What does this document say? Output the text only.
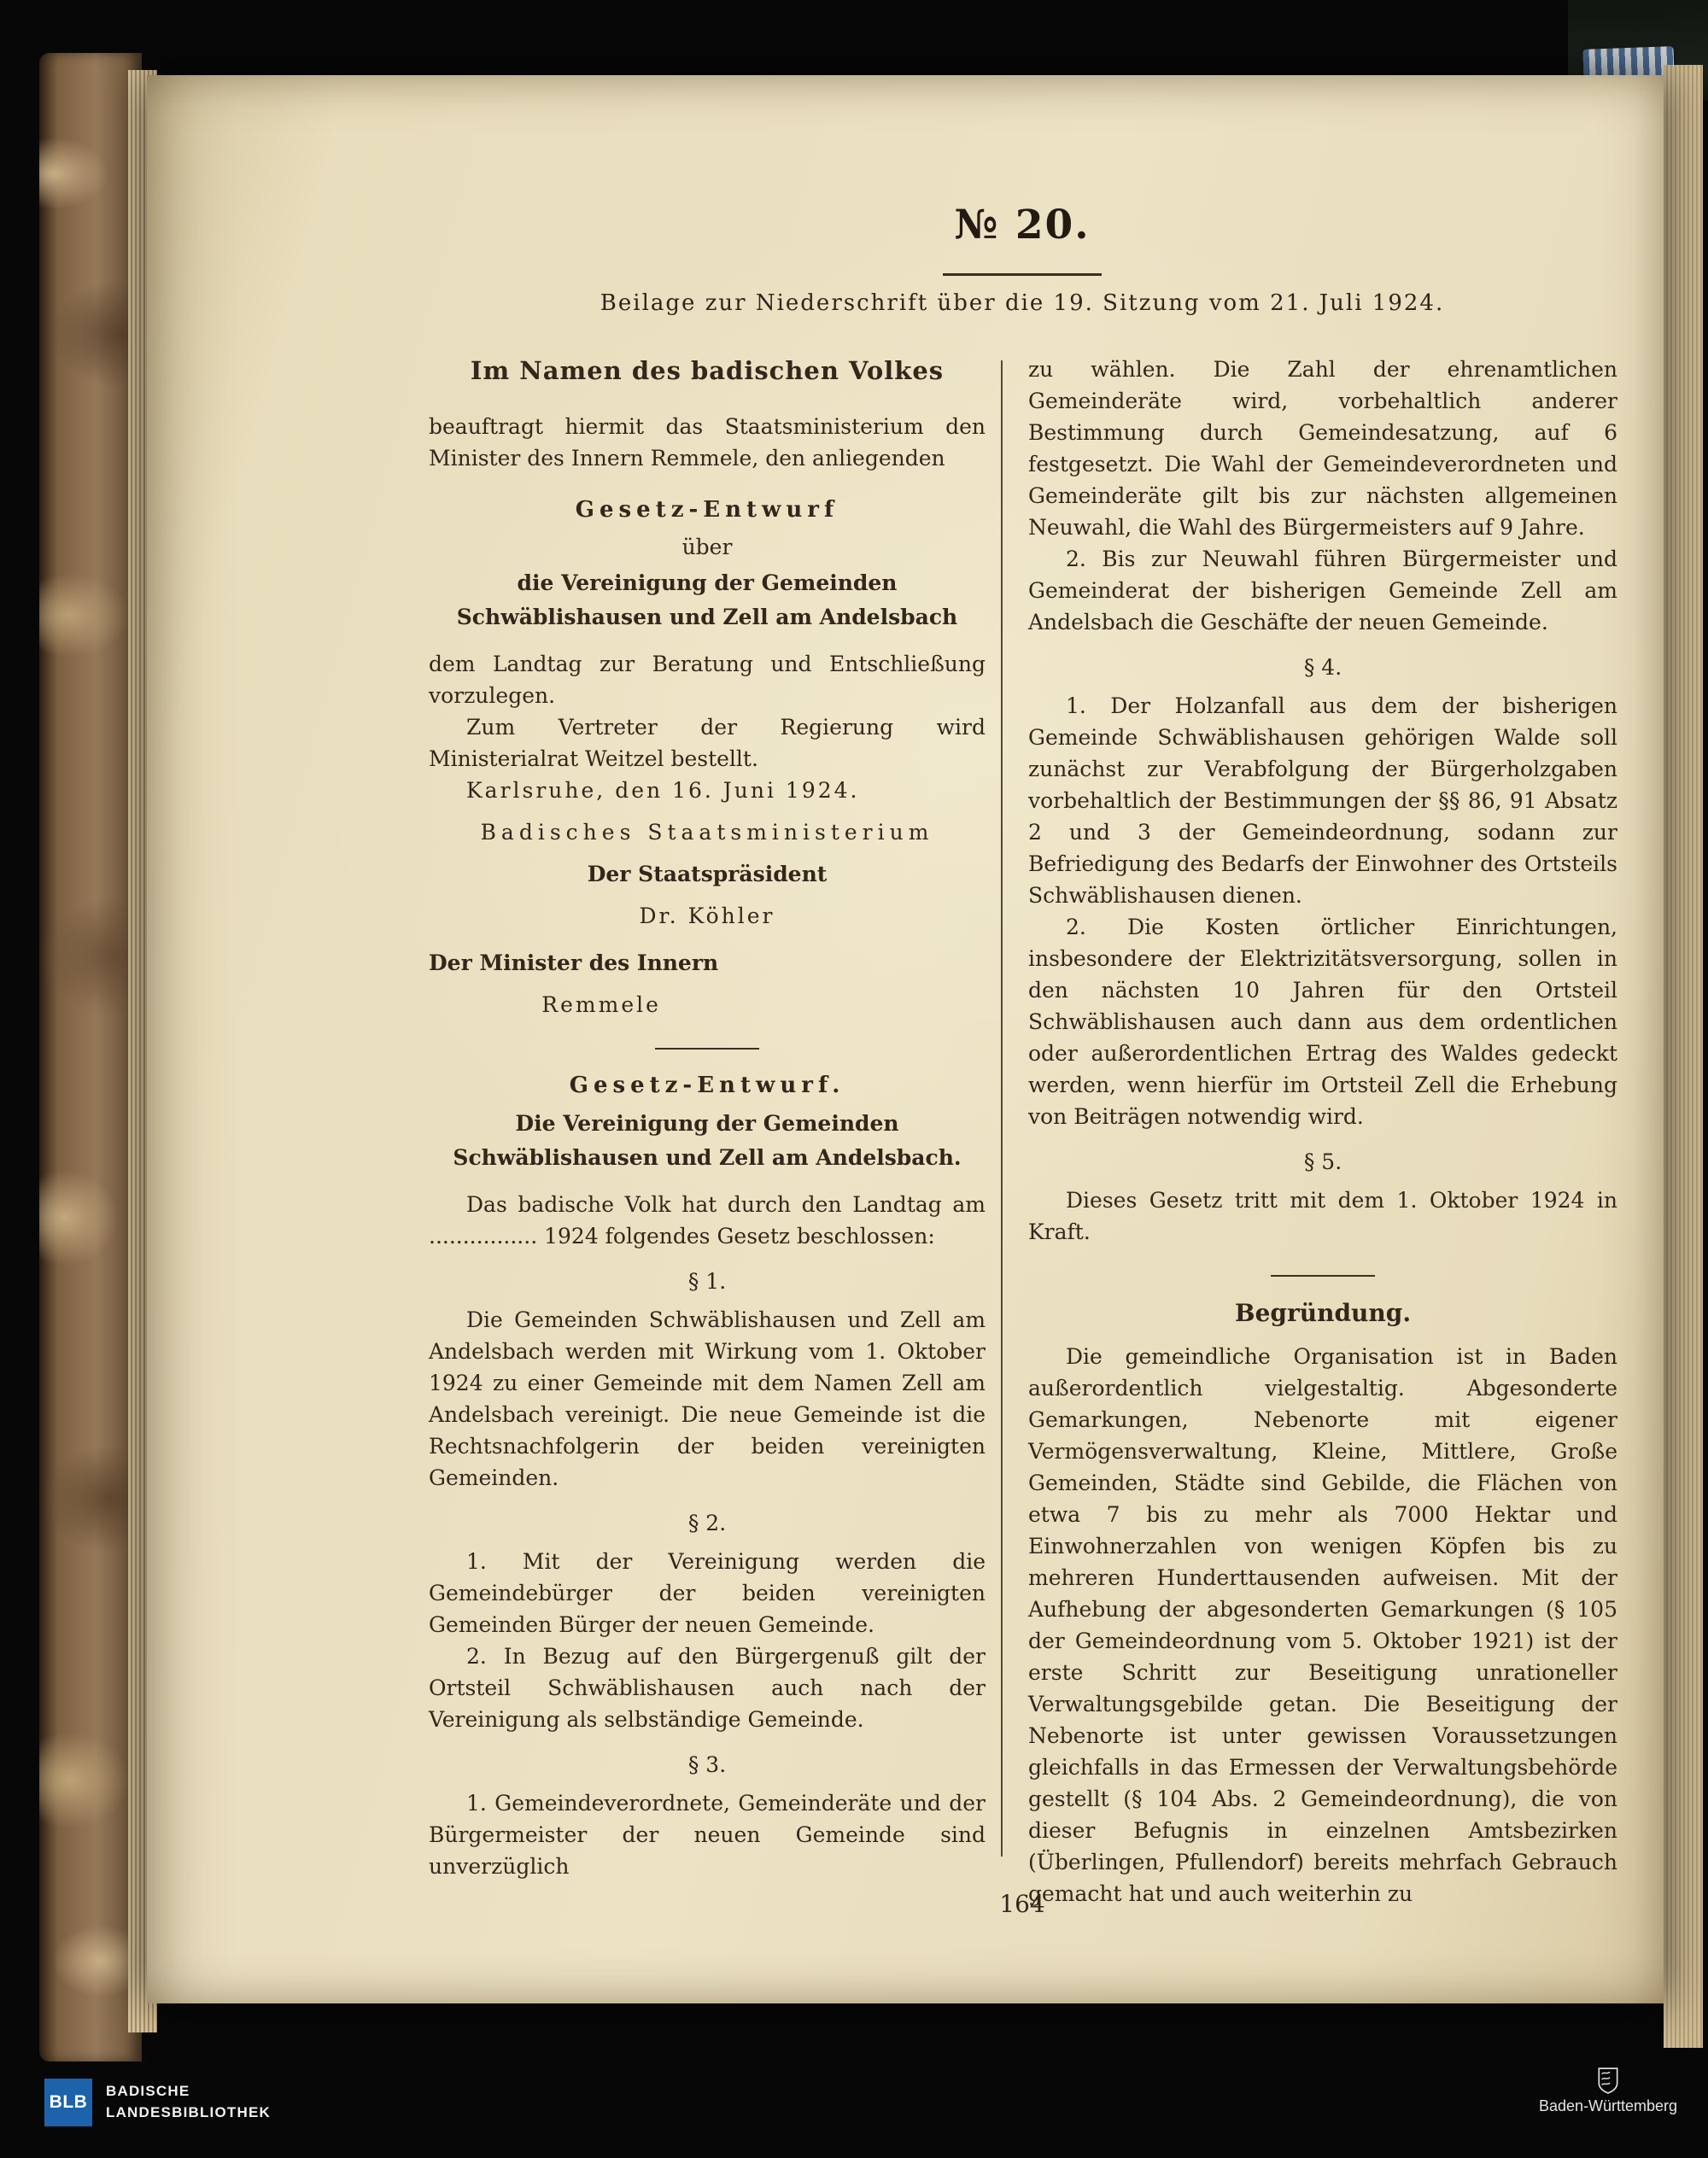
№ 20.
Beilage zur Niederschrift über die 19. Sitzung vom 21. Juli 1924.
Im Namen des badischen Volkes

beauftragt hiermit das Staatsministerium den Minister des Innern Remmele, den anliegenden

Gesetz-Entwurf
über
die Vereinigung der Gemeinden Schwäblishausen und Zell am Andelsbach

dem Landtag zur Beratung und Entschließung vorzulegen.

Zum Vertreter der Regierung wird Ministerialrat Weitzel bestellt.

Karlsruhe, den 16. Juni 1924.

Badisches Staatsministerium
Der Staatspräsident
Dr. Köhler
Der Minister des Innern
Remmele
Gesetz-Entwurf.
Die Vereinigung der Gemeinden Schwäblishausen und Zell am Andelsbach.

Das badische Volk hat durch den Landtag am ................ 1924 folgendes Gesetz beschlossen:

§ 1.

Die Gemeinden Schwäblishausen und Zell am Andelsbach werden mit Wirkung vom 1. Oktober 1924 zu einer Gemeinde mit dem Namen Zell am Andelsbach vereinigt. Die neue Gemeinde ist die Rechtsnachfolgerin der beiden vereinigten Gemeinden.

§ 2.

1. Mit der Vereinigung werden die Gemeindebürger der beiden vereinigten Gemeinden Bürger der neuen Gemeinde.

2. In Bezug auf den Bürgergenuß gilt der Ortsteil Schwäblishausen auch nach der Vereinigung als selbständige Gemeinde.

§ 3.

1. Gemeindeverordnete, Gemeinderäte und der Bürgermeister der neuen Gemeinde sind unverzüglich

zu wählen. Die Zahl der ehrenamtlichen Gemeinderäte wird, vorbehaltlich anderer Bestimmung durch Gemeindesatzung, auf 6 festgesetzt. Die Wahl der Gemeindeverordneten und Gemeinderäte gilt bis zur nächsten allgemeinen Neuwahl, die Wahl des Bürgermeisters auf 9 Jahre.

2. Bis zur Neuwahl führen Bürgermeister und Gemeinderat der bisherigen Gemeinde Zell am Andelsbach die Geschäfte der neuen Gemeinde.

§ 4.

1. Der Holzanfall aus dem der bisherigen Gemeinde Schwäblishausen gehörigen Walde soll zunächst zur Verabfolgung der Bürgerholzgaben vorbehaltlich der Bestimmungen der §§ 86, 91 Absatz 2 und 3 der Gemeindeordnung, sodann zur Befriedigung des Bedarfs der Einwohner des Ortsteils Schwäblishausen dienen.

2. Die Kosten örtlicher Einrichtungen, insbesondere der Elektrizitätsversorgung, sollen in den nächsten 10 Jahren für den Ortsteil Schwäblishausen auch dann aus dem ordentlichen oder außerordentlichen Ertrag des Waldes gedeckt werden, wenn hierfür im Ortsteil Zell die Erhebung von Beiträgen notwendig wird.

§ 5.

Dieses Gesetz tritt mit dem 1. Oktober 1924 in Kraft.

Begründung.

Die gemeindliche Organisation ist in Baden außerordentlich vielgestaltig. Abgesonderte Gemarkungen, Nebenorte mit eigener Vermögensverwaltung, Kleine, Mittlere, Große Gemeinden, Städte sind Gebilde, die Flächen von etwa 7 bis zu mehr als 7000 Hektar und Einwohnerzahlen von wenigen Köpfen bis zu mehreren Hunderttausenden aufweisen. Mit der Aufhebung der abgesonderten Gemarkungen (§ 105 der Gemeindeordnung vom 5. Oktober 1921) ist der erste Schritt zur Beseitigung unrationeller Verwaltungsgebilde getan. Die Beseitigung der Nebenorte ist unter gewissen Voraussetzungen gleichfalls in das Ermessen der Verwaltungsbehörde gestellt (§ 104 Abs. 2 Gemeindeordnung), die von dieser Befugnis in einzelnen Amtsbezirken (Überlingen, Pfullendorf) bereits mehrfach Gebrauch gemacht hat und auch weiterhin zu

164
BLB
BADISCHE
LANDESBIBLIOTHEK	Baden-Württemberg
